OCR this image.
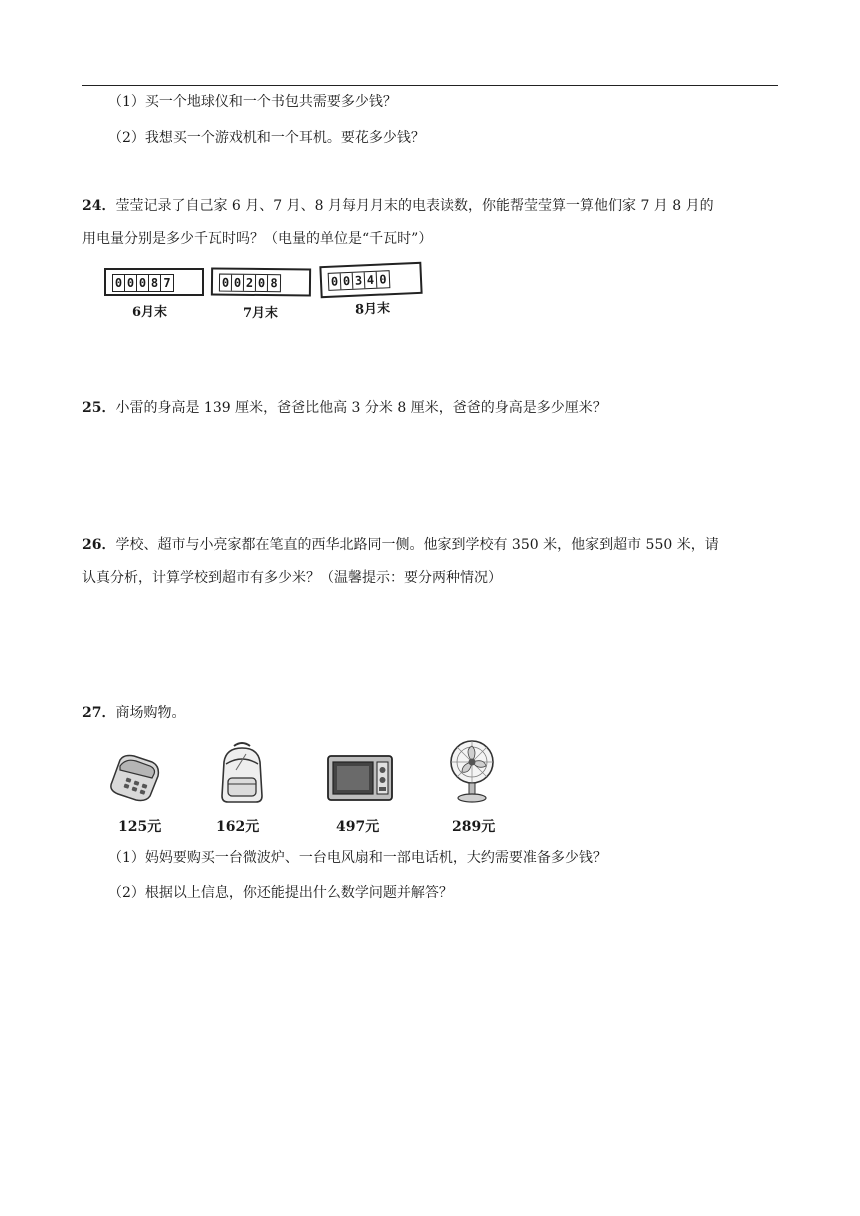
（1）买一个地球仪和一个书包共需要多少钱？
（2）我想买一个游戏机和一个耳机。要花多少钱？
24．莹莹记录了自己家 6 月、7 月、8 月每月月末的电表读数，你能帮莹莹算一算他们家 7 月 8 月的
用电量分别是多少千瓦时吗？（电量的单位是“千瓦时”）
0 0 0 8 7
6月末
0 0 2 0 8
7月末
0 0 3 4 0
8月末
25．小雷的身高是 139 厘米，爸爸比他高 3 分米 8 厘米，爸爸的身高是多少厘米？
26．学校、超市与小亮家都在笔直的西华北路同一侧。他家到学校有 350 米，他家到超市 550 米，请
认真分析，计算学校到超市有多少米？（温馨提示：要分两种情况）
27．商场购物。
125元	162元	497元	289元
（1）妈妈要购买一台微波炉、一台电风扇和一部电话机，大约需要准备多少钱？
（2）根据以上信息，你还能提出什么数学问题并解答？
